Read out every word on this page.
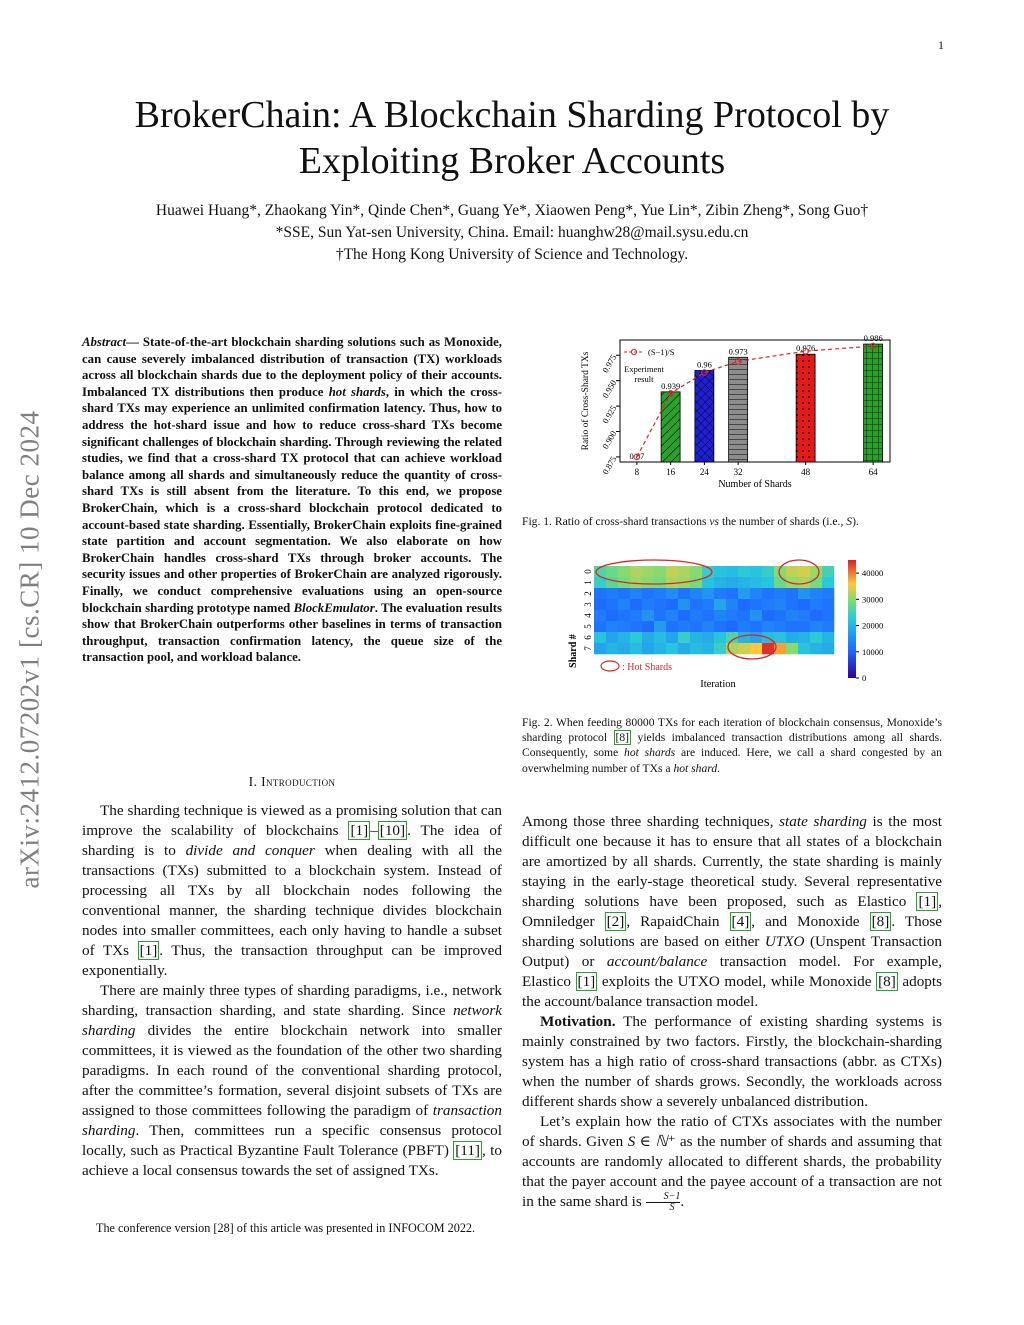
1
BrokerChain: A Blockchain Sharding Protocol by Exploiting Broker Accounts
Huawei Huang*, Zhaokang Yin*, Qinde Chen*, Guang Ye*, Xiaowen Peng*, Yue Lin*, Zibin Zheng*, Song Guo†
*SSE, Sun Yat-sen University, China. Email: huanghw28@mail.sysu.edu.cn
†The Hong Kong University of Science and Technology.
arXiv:2412.07202v1 [cs.CR] 10 Dec 2024
Abstract— State-of-the-art blockchain sharding solutions such as Monoxide, can cause severely imbalanced distribution of transaction (TX) workloads across all blockchain shards due to the deployment policy of their accounts. Imbalanced TX distributions then produce hot shards, in which the cross-shard TXs may experience an unlimited confirmation latency. Thus, how to address the hot-shard issue and how to reduce cross-shard TXs become significant challenges of blockchain sharding. Through reviewing the related studies, we find that a cross-shard TX protocol that can achieve workload balance among all shards and simultaneously reduce the quantity of cross-shard TXs is still absent from the literature. To this end, we propose BrokerChain, which is a cross-shard blockchain protocol dedicated to account-based state sharding. Essentially, BrokerChain exploits fine-grained state partition and account segmentation. We also elaborate on how BrokerChain handles cross-shard TXs through broker accounts. The security issues and other properties of BrokerChain are analyzed rigorously. Finally, we conduct comprehensive evaluations using an open-source blockchain sharding prototype named BlockEmulator. The evaluation results show that BrokerChain outperforms other baselines in terms of transaction throughput, transaction confirmation latency, the queue size of the transaction pool, and workload balance.
I. Introduction

The sharding technique is viewed as a promising solution that can improve the scalability of blockchains [1] – [10] . The idea of sharding is to divide and conquer when dealing with all the transactions (TXs) submitted to a blockchain system. Instead of processing all TXs by all blockchain nodes following the conventional manner, the sharding technique divides blockchain nodes into smaller committees, each only having to handle a subset of TXs [1] . Thus, the transaction throughput can be improved exponentially.

There are mainly three types of sharding paradigms, i.e., network sharding, transaction sharding, and state sharding. Since network sharding divides the entire blockchain network into smaller committees, it is viewed as the foundation of the other two sharding paradigms. In each round of the conventional sharding protocol, after the committee’s formation, several disjoint subsets of TXs are assigned to those committees following the paradigm of transaction sharding. Then, committees run a specific consensus protocol locally, such as Practical Byzantine Fault Tolerance (PBFT) [11] , to achieve a local consensus towards the set of assigned TXs.

The conference version [28] of this article was presented in INFOCOM 2022.
0.875
0.900
0.925
0.950
0.975
0.87
8
0.939
16
0.96
24
0.973
32
0.976
48
0.986
64
Number of Shards
Ratio of Cross-Shard TXs	(S−1)/S
Experiment
result
Fig. 1. Ratio of cross-shard transactions vs the number of shards (i.e., S).
0
1
2
3
4
5
6
7
40000
30000
20000
10000
0
Shard #
Iteration
: Hot Shards
Fig. 2. When feeding 80000 TXs for each iteration of blockchain consensus, Monoxide’s sharding protocol [8] yields imbalanced transaction distributions among all shards. Consequently, some hot shards are induced. Here, we call a shard congested by an overwhelming number of TXs a hot shard.

Among those three sharding techniques, state sharding is the most difficult one because it has to ensure that all states of a blockchain are amortized by all shards. Currently, the state sharding is mainly staying in the early-stage theoretical study. Several representative sharding solutions have been proposed, such as Elastico [1] , Omniledger [2] , RapaidChain [4] , and Monoxide [8] . Those sharding solutions are based on either UTXO (Unspent Transaction Output) or account/balance transaction model. For example, Elastico [1] exploits the UTXO model, while Monoxide [8] adopts the account/balance transaction model.

Motivation. The performance of existing sharding systems is mainly constrained by two factors. Firstly, the blockchain-sharding system has a high ratio of cross-shard transactions (abbr. as CTXs) when the number of shards grows. Secondly, the workloads across different shards show a severely unbalanced distribution.

Let’s explain how the ratio of CTXs associates with the number of shards. Given S ∈ ℕ⁺ as the number of shards and assuming that accounts are randomly allocated to different shards, the probability that the payer account and the payee account of a transaction are not in the same shard is $\frac{S-1}{S}$ .
